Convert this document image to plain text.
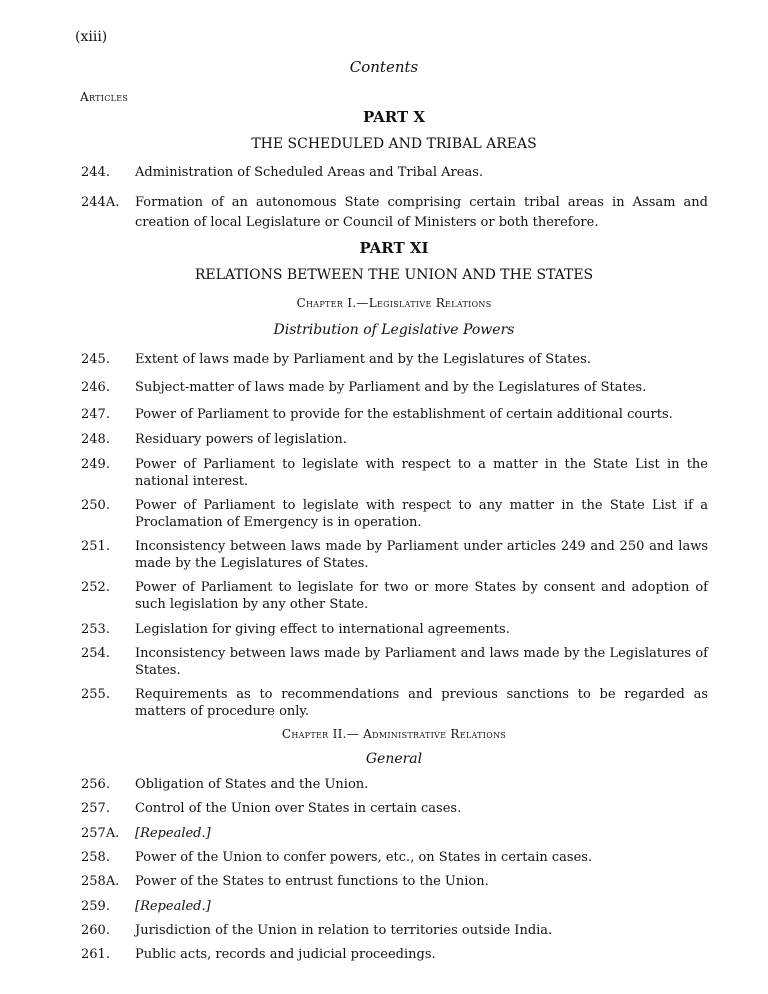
(xiii)
Contents
Articles
PART X
THE SCHEDULED AND TRIBAL AREAS
244. Administration of Scheduled Areas and Tribal Areas.
244A. Formation of an autonomous State comprising certain tribal areas in Assam and creation of local Legislature or Council of Ministers or both therefore.
PART XI
RELATIONS BETWEEN THE UNION AND THE STATES
Chapter I.—Legislative Relations
Distribution of Legislative Powers
245. Extent of laws made by Parliament and by the Legislatures of States.
246. Subject-matter of laws made by Parliament and by the Legislatures of States.
247. Power of Parliament to provide for the establishment of certain additional courts.
248. Residuary powers of legislation.
249. Power of Parliament to legislate with respect to a matter in the State List in the national interest.
250. Power of Parliament to legislate with respect to any matter in the State List if a Proclamation of Emergency is in operation.
251. Inconsistency between laws made by Parliament under articles 249 and 250 and laws made by the Legislatures of States.
252. Power of Parliament to legislate for two or more States by consent and adoption of such legislation by any other State.
253. Legislation for giving effect to international agreements.
254. Inconsistency between laws made by Parliament and laws made by the Legislatures of States.
255. Requirements as to recommendations and previous sanctions to be regarded as matters of procedure only.
Chapter II.— Administrative Relations
General
256. Obligation of States and the Union.
257. Control of the Union over States in certain cases.
257A. [Repealed.]
258. Power of the Union to confer powers, etc., on States in certain cases.
258A. Power of the States to entrust functions to the Union.
259. [Repealed.]
260. Jurisdiction of the Union in relation to territories outside India.
261. Public acts, records and judicial proceedings.
